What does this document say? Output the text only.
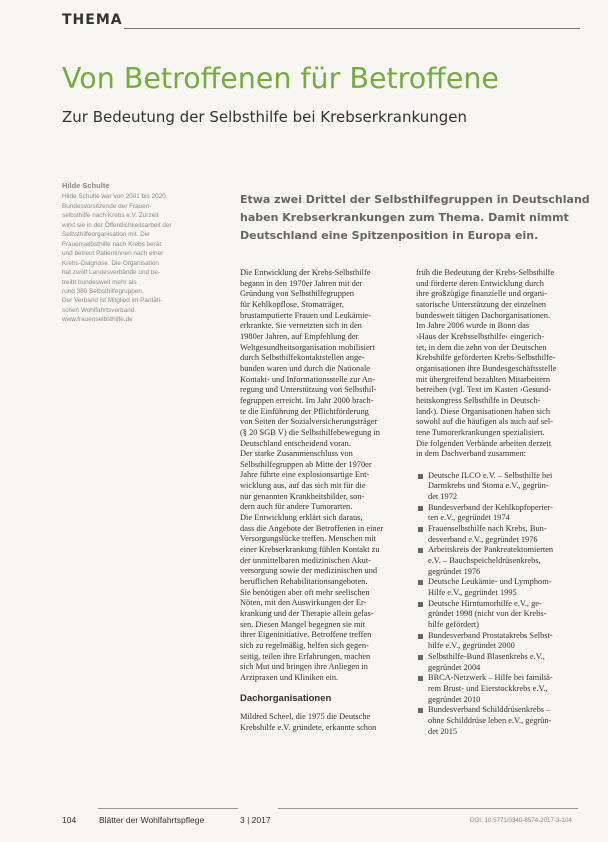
THEMA
Von Betroffenen für Betroffene
Zur Bedeutung der Selbsthilfe bei Krebserkrankungen
Hilde Schulte
Hilde Schulte war von 2001 bis 2020
Bundesvorsitzende der Frauen-
selbsthilfe nach Krebs e.V. Zurzeit
wirkt sie in der Öffentlichkeitsarbeit der
Selbsthilfeorganisation mit. Die
Frauenselbsthilfe nach Krebs berät
und betreut Patientinnen nach einer
Krebs-Diagnose. Die Organisation
hat zwölf Landesverbände und be-
treibt bundesweit mehr als
rund 380 Selbsthilfegruppen.
Der Verband ist Mitglied im Paritäti-
schen Wohlfahrtsverband.
www.frauenselbsthilfe.de
Etwa zwei Drittel der Selbsthilfegruppen in Deutschland
haben Krebserkrankungen zum Thema. Damit nimmt
Deutschland eine Spitzenposition in Europa ein.
Die Entwicklung der Krebs-Selbsthilfe
begann in den 1970er Jahren mit der
Gründung von Selbsthilfegruppen
für Kehlkopflose, Stomaträger,
brustamputierte Frauen und Leukämie-
erkrankte. Sie vernetzten sich in den
1980er Jahren, auf Empfehlung der
Weltgesundheitsorganisation mobilisiert
durch Selbsthilfekontaktstellen ange-
bunden waren und durch die Nationale
Kontakt- und Informationsstelle zur An-
regung und Unterstützung von Selbsthil-
fegruppen erreicht. Im Jahr 2000 brach-
te die Einführung der Pflichtförderung
von Seiten der Sozialversicherungsträger
(§ 20 SGB V) die Selbsthilfebewegung in
Deutschland entscheidend voran.
Der starke Zusammenschluss von
Selbsthilfegruppen ab Mitte der 1970er
Jahre führte eine explosionsartige Ent-
wicklung aus, auf das sich mit für die
nur genannten Krankheitsbilder, son-
dern auch für andere Tumorarten.
Die Entwicklung erklärt sich daraus,
dass die Angebote der Betroffenen in einer
Versorgungslücke treffen. Menschen mit
einer Krebserkrankung fühlen Kontakt zu
der unmittelbaren medizinischen Akut-
versorgung sowie der medizinischen und
beruflichen Rehabilitationsangeboten.
Sie benötigen aber oft mehr seelischen
Nöten, mit den Auswirkungen der Er-
krankung und der Therapie allein gelas-
sen. Diesen Mangel begegnen sie mit
ihrer Eigeninitiative. Betroffene treffen
sich zu regelmäßig, helfen sich gegen-
seitig, teilen ihre Erfahrungen, machen
sich Mut und bringen ihre Anliegen in
Arztpraxen und Kliniken ein.
Dachorganisationen
Mildred Scheel, die 1975 die Deutsche
Krebshilfe e.V. gründete, erkannte schon
früh die Bedeutung der Krebs-Selbsthilfe
und förderte deren Entwicklung durch
ihre großzügige finanzielle und organi-
satorische Unterstützung der einzelnen
bundesweit tätigen Dachorganisationen.
Im Jahre 2006 wurde in Bonn das
›Haus der Krebsselbsthilfe‹ eingerich-
tet, in dem die zehn von der Deutschen
Krebshilfe geförderten Krebs-Selbsthilfe-
organisationen ihre Bundesgeschäftsstelle
mit übergreifend bezahlten Mitarbeitern
betreiben (vgl. Text im Kasten ›Gesund-
heitskongress Selbsthilfe in Deutsch-
land‹). Diese Organisationen haben sich
sowohl auf die häufigen als auch auf sel-
tene Tumorerkrankungen spezialisiert.
Die folgenden Verbände arbeiten derzeit
in dem Dachverband zusammen:
Deutsche ILCO e.V. – Selbsthilfe bei
Darmkrebs und Stoma e.V., gegrün-
det 1972
Bundesverband der Kehlkopfoperier-
ten e.V., gegründet 1974
Frauenselbsthilfe nach Krebs, Bun-
desverband e.V., gegründet 1976
Arbeitskreis der Pankreatektomierten
e.V. – Bauchspeicheldrüsenkrebs,
gegründet 1976
Deutsche Leukämie- und Lymphom-
Hilfe e.V., gegründet 1995
Deutsche Hirntumorhilfe e.V., ge-
gründet 1998 (nicht von der Krebs-
hilfe gefördert)
Bundesverband Prostatakrebs Selbst-
hilfe e.V., gegründet 2000
Selbsthilfe-Bund Blasenkrebs e.V.,
gegründet 2004
BRCA-Netzwerk – Hilfe bei familiä-
rem Brust- und Eierstockkrebs e.V.,
gegründet 2010
Bundesverband Schilddrüsenkrebs –
ohne Schilddrüse leben e.V., gegrün-
det 2015
104	Blätter der Wohlfahrtspflege	3 | 2017	DOI: 10.5771/0340-8574-2017-3-104
